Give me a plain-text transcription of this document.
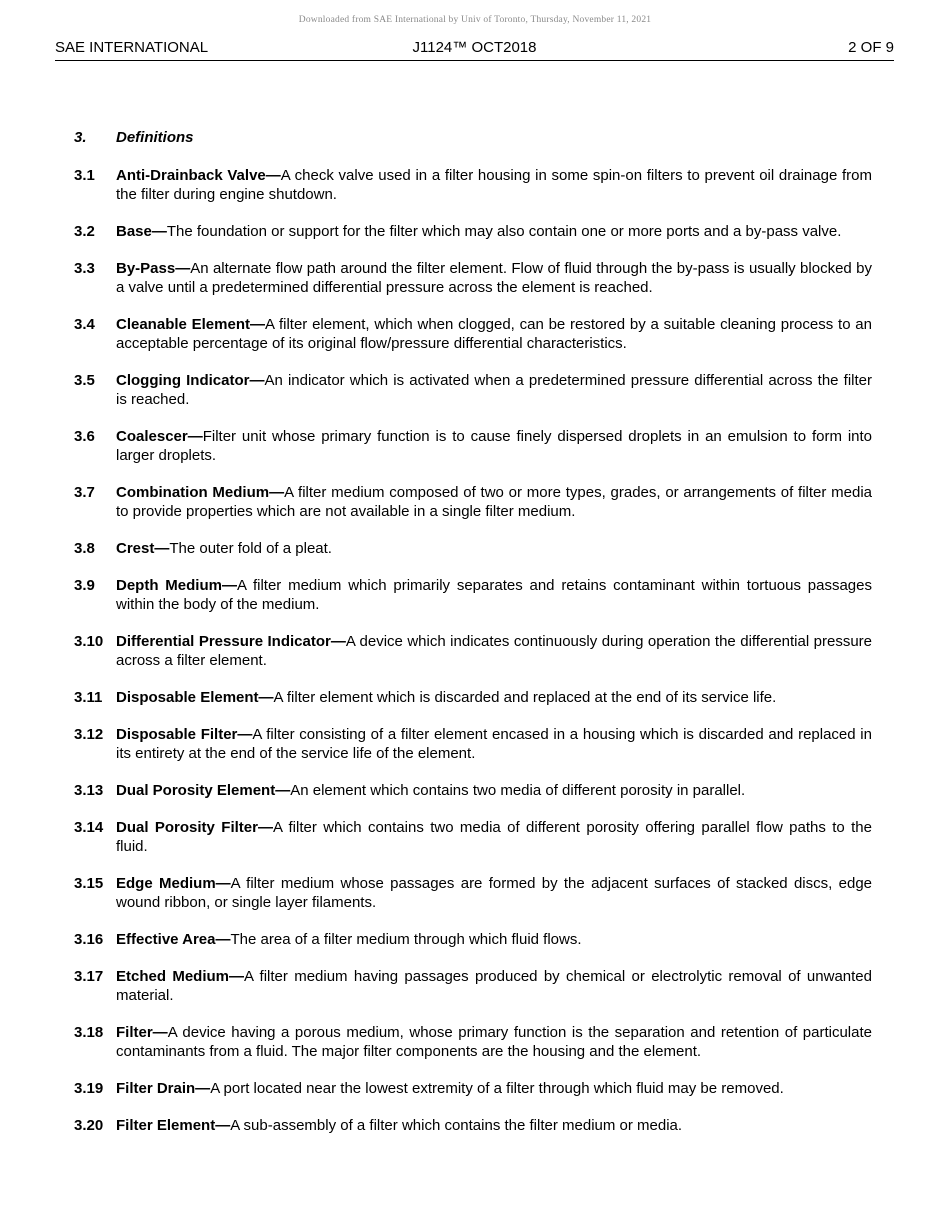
Downloaded from SAE International by Univ of Toronto, Thursday, November 11, 2021
SAE INTERNATIONAL	J1124™ OCT2018	2 OF 9
3. Definitions
3.1	Anti-Drainback Valve—A check valve used in a filter housing in some spin-on filters to prevent oil drainage from the filter during engine shutdown.
3.2	Base—The foundation or support for the filter which may also contain one or more ports and a by-pass valve.
3.3	By-Pass—An alternate flow path around the filter element. Flow of fluid through the by-pass is usually blocked by a valve until a predetermined differential pressure across the element is reached.
3.4	Cleanable Element—A filter element, which when clogged, can be restored by a suitable cleaning process to an acceptable percentage of its original flow/pressure differential characteristics.
3.5	Clogging Indicator—An indicator which is activated when a predetermined pressure differential across the filter is reached.
3.6	Coalescer—Filter unit whose primary function is to cause finely dispersed droplets in an emulsion to form into larger droplets.
3.7	Combination Medium—A filter medium composed of two or more types, grades, or arrangements of filter media to provide properties which are not available in a single filter medium.
3.8	Crest—The outer fold of a pleat.
3.9	Depth Medium—A filter medium which primarily separates and retains contaminant within tortuous passages within the body of the medium.
3.10 Differential Pressure Indicator—A device which indicates continuously during operation the differential pressure across a filter element.
3.11 Disposable Element—A filter element which is discarded and replaced at the end of its service life.
3.12 Disposable Filter—A filter consisting of a filter element encased in a housing which is discarded and replaced in its entirety at the end of the service life of the element.
3.13 Dual Porosity Element—An element which contains two media of different porosity in parallel.
3.14 Dual Porosity Filter—A filter which contains two media of different porosity offering parallel flow paths to the fluid.
3.15 Edge Medium—A filter medium whose passages are formed by the adjacent surfaces of stacked discs, edge wound ribbon, or single layer filaments.
3.16 Effective Area—The area of a filter medium through which fluid flows.
3.17 Etched Medium—A filter medium having passages produced by chemical or electrolytic removal of unwanted material.
3.18 Filter—A device having a porous medium, whose primary function is the separation and retention of particulate contaminants from a fluid. The major filter components are the housing and the element.
3.19 Filter Drain—A port located near the lowest extremity of a filter through which fluid may be removed.
3.20 Filter Element—A sub-assembly of a filter which contains the filter medium or media.
